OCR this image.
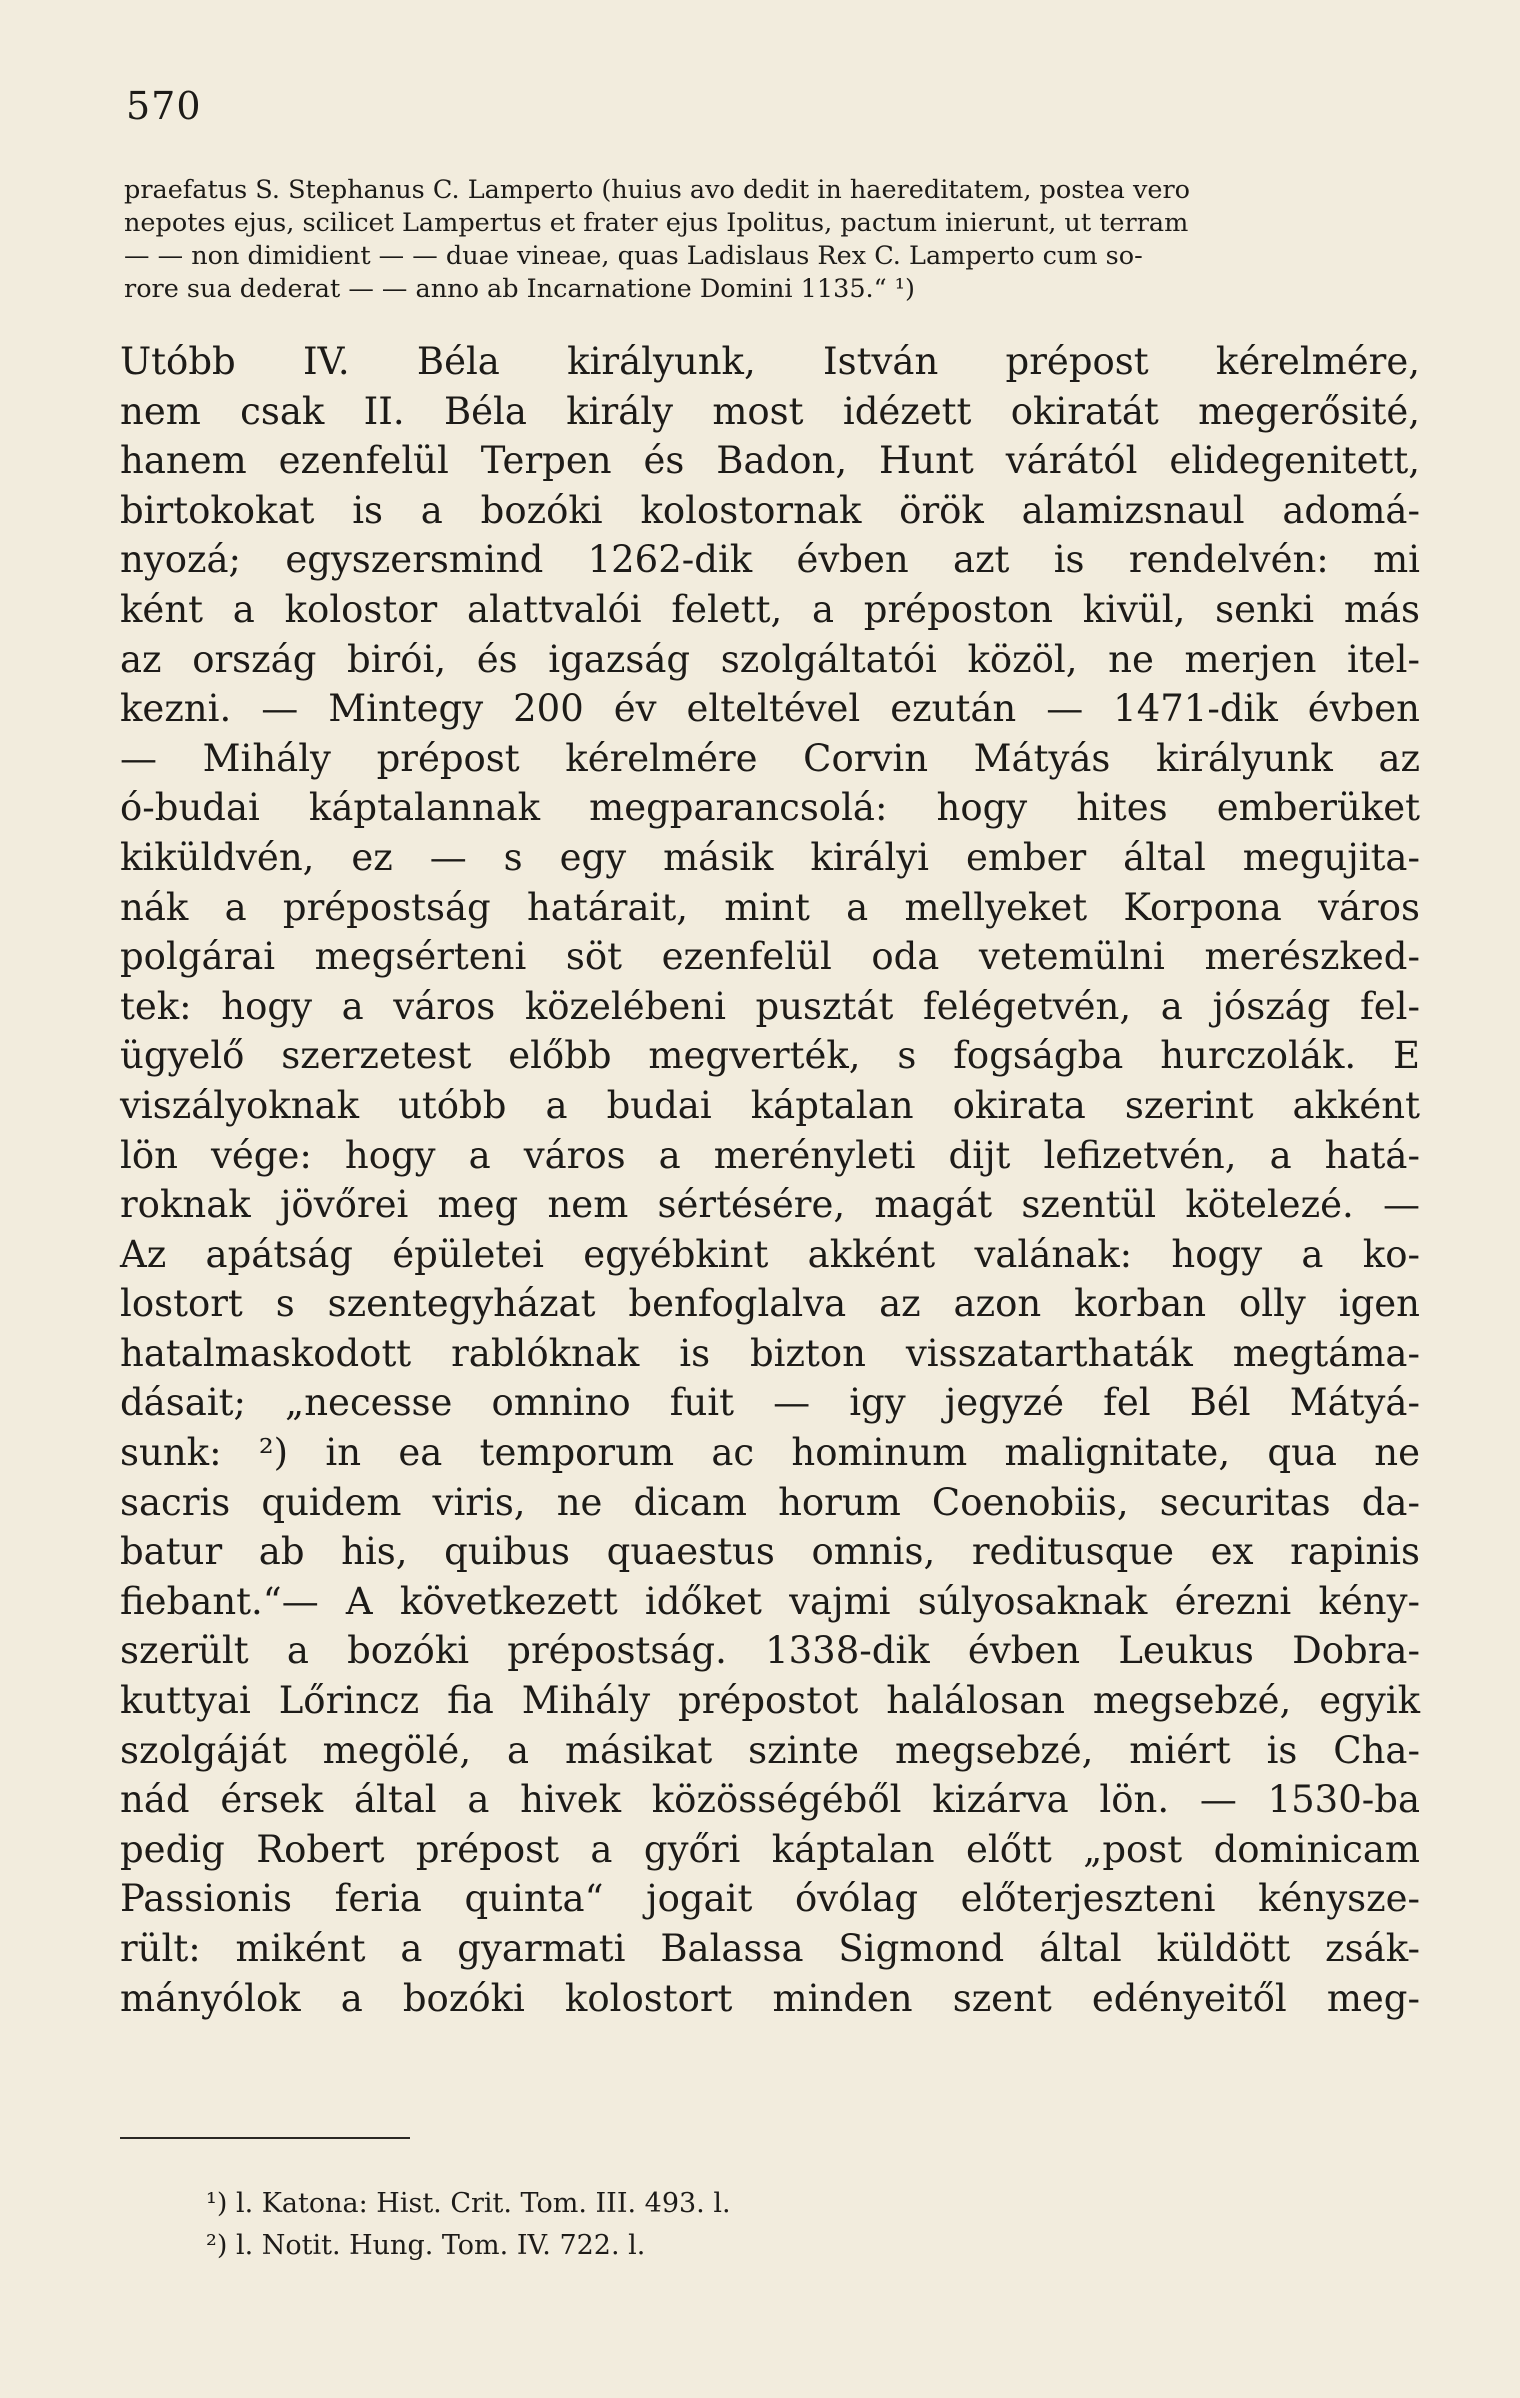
570
praefatus S. Stephanus C. Lamperto (huius avo dedit in haereditatem, postea vero
nepotes ejus, scilicet Lampertus et frater ejus Ipolitus, pactum inierunt, ut terram
— — non dimidient — — duae vineae, quas Ladislaus Rex C. Lamperto cum so-
rore sua dederat — — anno ab Incarnatione Domini 1135.“ ¹)
Utóbb IV. Béla királyunk, István prépost kérelmére,
nem csak II. Béla király most idézett okiratát megerősité,
hanem ezenfelül Terpen és Badon, Hunt várától elidegenitett,
birtokokat is a bozóki kolostornak örök alamizsnaul adomá-
nyozá; egyszersmind 1262-dik évben azt is rendelvén: mi
ként a kolostor alattvalói felett, a préposton kivül, senki más
az ország birói, és igazság szolgáltatói közöl, ne merjen itel-
kezni. — Mintegy 200 év elteltével ezután — 1471-dik évben
— Mihály prépost kérelmére Corvin Mátyás királyunk az
ó-budai káptalannak megparancsolá: hogy hites emberüket
kiküldvén, ez — s egy másik királyi ember által megujita-
nák a prépostság határait, mint a mellyeket Korpona város
polgárai megsérteni söt ezenfelül oda vetemülni merészked-
tek: hogy a város közelébeni pusztát felégetvén, a jószág fel-
ügyelő szerzetest előbb megverték, s fogságba hurczolák. E
viszályoknak utóbb a budai káptalan okirata szerint akként
lön vége: hogy a város a merényleti dijt lefizetvén, a hatá-
roknak jövőrei meg nem sértésére, magát szentül kötelezé. —
Az apátság épületei egyébkint akként valának: hogy a ko-
lostort s szentegyházat benfoglalva az azon korban olly igen
hatalmaskodott rablóknak is bizton visszatarthaták megtáma-
dásait; „necesse omnino fuit — igy jegyzé fel Bél Mátyá-
sunk: ²) in ea temporum ac hominum malignitate, qua ne
sacris quidem viris, ne dicam horum Coenobiis, securitas da-
batur ab his, quibus quaestus omnis, reditusque ex rapinis
fiebant.“— A következett időket vajmi súlyosaknak érezni kény-
szerült a bozóki prépostság. 1338-dik évben Leukus Dobra-
kuttyai Lőrincz fia Mihály prépostot halálosan megsebzé, egyik
szolgáját megölé, a másikat szinte megsebzé, miért is Cha-
nád érsek által a hivek közösségéből kizárva lön. — 1530-ba
pedig Robert prépost a győri káptalan előtt „post dominicam
Passionis feria quinta“ jogait óvólag előterjeszteni kénysze-
rült: miként a gyarmati Balassa Sigmond által küldött zsák-
mányólok a bozóki kolostort minden szent edényeitől meg-
¹) l. Katona: Hist. Crit. Tom. III. 493. l.
²) l. Notit. Hung. Tom. IV. 722. l.
